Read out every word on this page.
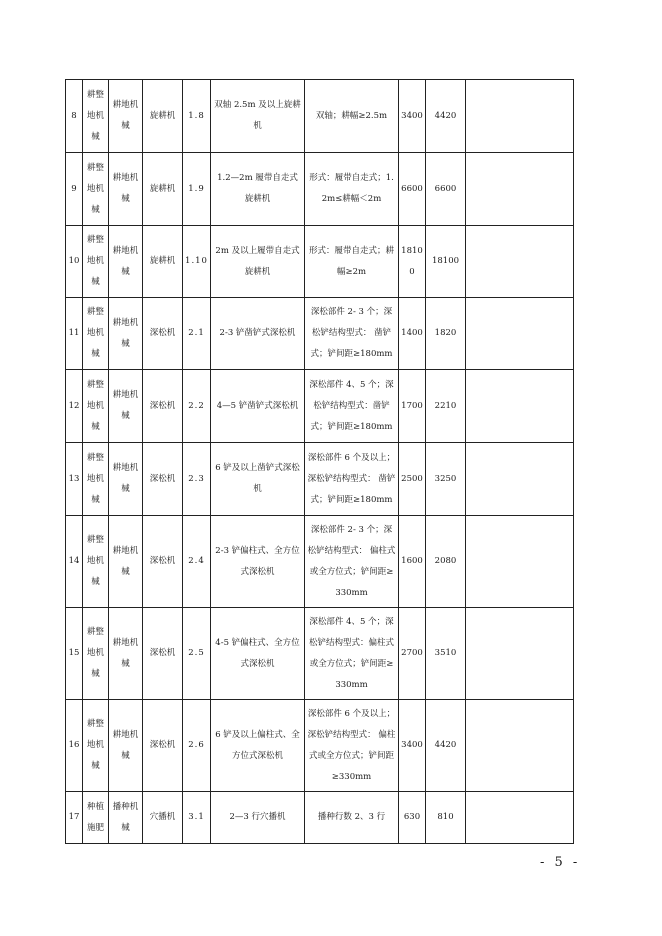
8	耕整地机械	耕地机械	旋耕机	1.8	双轴 2.5m 及以上旋耕机	双轴；耕幅≥2.5m	3400	4420	
9	耕整地机械	耕地机械	旋耕机	1.9	1.2—2m 履带自走式旋耕机	形式：履带自走式；1.2m≤耕幅＜2m	6600	6600	
10	耕整地机械	耕地机械	旋耕机	1.10	2m 及以上履带自走式旋耕机	形式：履带自走式；耕幅≥2m	18100	18100	
11	耕整地机械	耕地机械	深松机	2.1	2-3 铲凿铲式深松机	深松部件 2- 3 个；深松铲结构型式： 凿铲式；铲间距≥180mm	1400	1820	
12	耕整地机械	耕地机械	深松机	2.2	4—5 铲凿铲式深松机	深松部件 4、5 个；深松铲结构型式：凿铲式；铲间距≥180mm	1700	2210	
13	耕整地机械	耕地机械	深松机	2.3	6 铲及以上凿铲式深松机	深松部件 6 个及以上；深松铲结构型式： 凿铲式；铲间距≥180mm	2500	3250	
14	耕整地机械	耕地机械	深松机	2.4	2-3 铲偏柱式、全方位式深松机	深松部件 2- 3 个；深松铲结构型式： 偏柱式或全方位式；铲间距≥330mm	1600	2080	
15	耕整地机械	耕地机械	深松机	2.5	4-5 铲偏柱式、全方位式深松机	深松部件 4、5 个；深松铲结构型式：偏柱式或全方位式；铲间距≥330mm	2700	3510	
16	耕整地机械	耕地机械	深松机	2.6	6 铲及以上偏柱式、全方位式深松机	深松部件 6 个及以上；深松铲结构型式： 偏柱式或全方位式；铲间距≥330mm	3400	4420	
17	种植施肥	播种机械	穴播机	3.1	2—3 行穴播机	播种行数 2、3 行	630	810	
- 5 -
